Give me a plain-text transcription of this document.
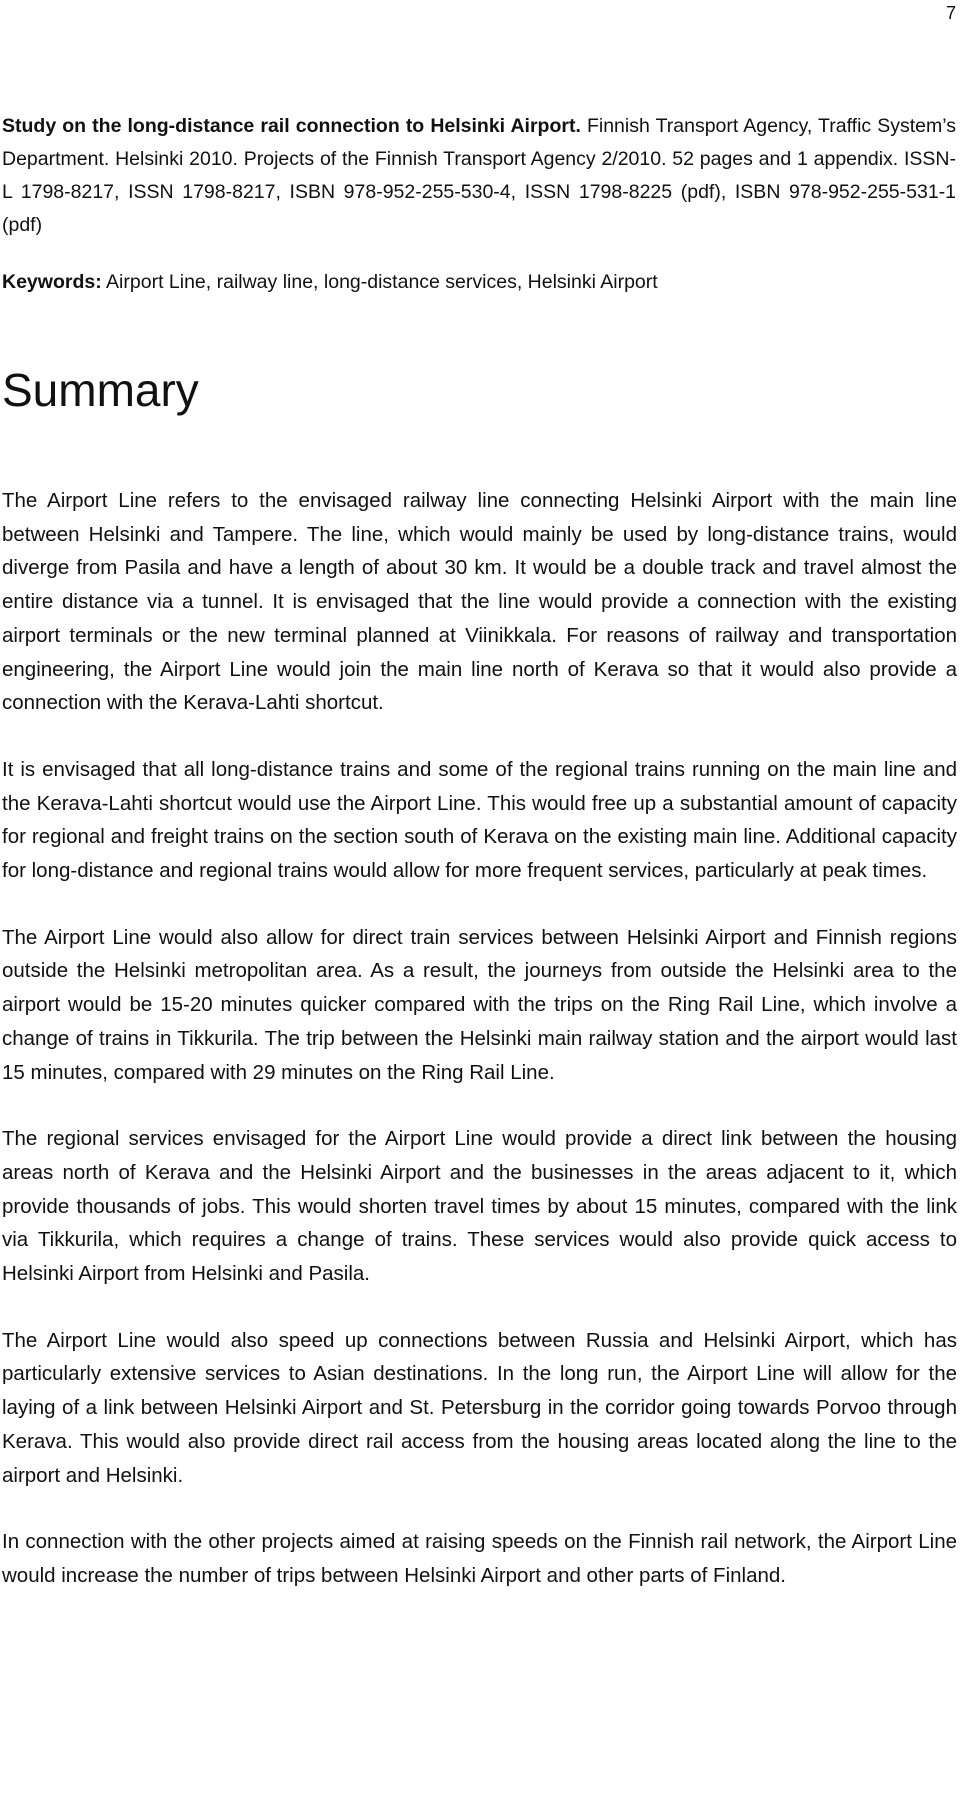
7

Study on the long-distance rail connection to Helsinki Airport. Finnish Transport Agency, Traffic System’s Department. Helsinki 2010. Projects of the Finnish Transport Agency 2/2010. 52 pages and 1 appendix. ISSN-L 1798-8217, ISSN 1798-8217, ISBN 978-952-255-530-4, ISSN 1798-8225 (pdf), ISBN 978-952-255-531-1 (pdf)

Keywords: Airport Line, railway line, long-distance services, Helsinki Airport

Summary

The Airport Line refers to the envisaged railway line connecting Helsinki Airport with the main line between Helsinki and Tampere. The line, which would mainly be used by long-distance trains, would diverge from Pasila and have a length of about 30 km. It would be a double track and travel almost the entire distance via a tunnel. It is envisaged that the line would provide a connection with the existing airport terminals or the new terminal planned at Viinikkala. For reasons of railway and transportation engineering, the Airport Line would join the main line north of Kerava so that it would also provide a connection with the Kerava-Lahti shortcut.

It is envisaged that all long-distance trains and some of the regional trains running on the main line and the Kerava-Lahti shortcut would use the Airport Line. This would free up a substantial amount of capacity for regional and freight trains on the section south of Kerava on the existing main line. Additional capacity for long-distance and regional trains would allow for more frequent services, particularly at peak times.

The Airport Line would also allow for direct train services between Helsinki Airport and Finnish regions outside the Helsinki metropolitan area. As a result, the journeys from outside the Helsinki area to the airport would be 15-20 minutes quicker compared with the trips on the Ring Rail Line, which involve a change of trains in Tikkurila. The trip between the Helsinki main railway station and the airport would last 15 minutes, compared with 29 minutes on the Ring Rail Line.

The regional services envisaged for the Airport Line would provide a direct link between the housing areas north of Kerava and the Helsinki Airport and the businesses in the areas adjacent to it, which provide thousands of jobs. This would shorten travel times by about 15 minutes, compared with the link via Tikkurila, which requires a change of trains. These services would also provide quick access to Helsinki Airport from Helsinki and Pasila.

The Airport Line would also speed up connections between Russia and Helsinki Airport, which has particularly extensive services to Asian destinations. In the long run, the Airport Line will allow for the laying of a link between Helsinki Airport and St. Petersburg in the corridor going towards Porvoo through Kerava. This would also provide direct rail access from the housing areas located along the line to the airport and Helsinki.

In connection with the other projects aimed at raising speeds on the Finnish rail network, the Airport Line would increase the number of trips between Helsinki Airport and other parts of Finland.
